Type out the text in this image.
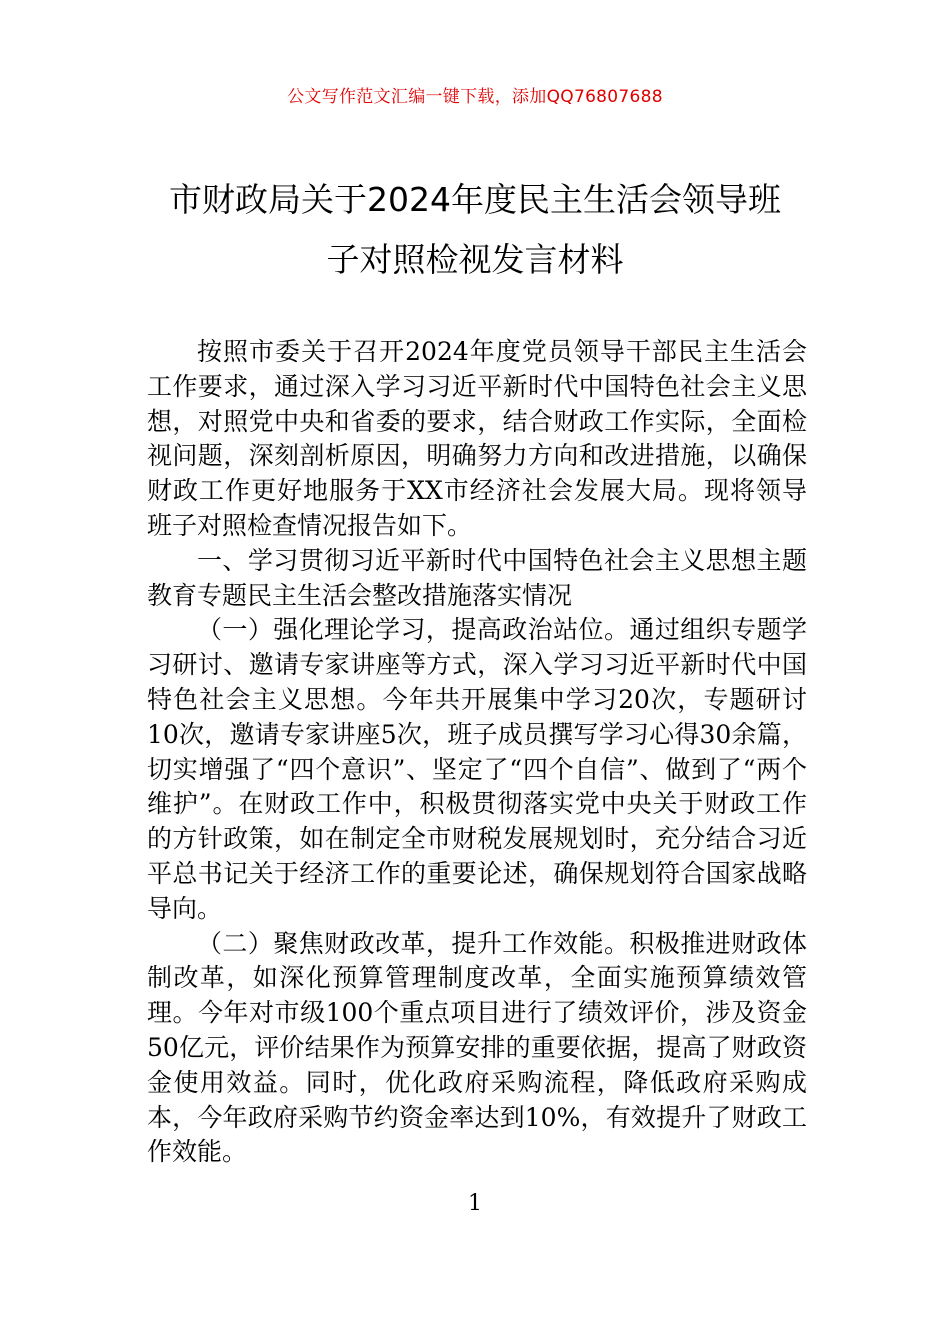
公文写作范文汇编一键下载，添加QQ76807688
市财政局关于2024年度民主生活会领导班
子对照检视发言材料

按照市委关于召开2024年度党员领导干部民主生活会工作要求，通过深入学习习近平新时代中国特色社会主义思想，对照党中央和省委的要求，结合财政工作实际，全面检视问题，深刻剖析原因，明确努力方向和改进措施，以确保财政工作更好地服务于XX市经济社会发展大局。现将领导班子对照检查情况报告如下。

一、学习贯彻习近平新时代中国特色社会主义思想主题教育专题民主生活会整改措施落实情况

（一）强化理论学习，提高政治站位。通过组织专题学习研讨、邀请专家讲座等方式，深入学习习近平新时代中国特色社会主义思想。今年共开展集中学习20次，专题研讨10次，邀请专家讲座5次，班子成员撰写学习心得30余篇，切实增强了“四个意识”、坚定了“四个自信”、做到了“两个维护”。在财政工作中，积极贯彻落实党中央关于财政工作的方针政策，如在制定全市财税发展规划时，充分结合习近平总书记关于经济工作的重要论述，确保规划符合国家战略导向。

（二）聚焦财政改革，提升工作效能。积极推进财政体制改革，如深化预算管理制度改革，全面实施预算绩效管理。今年对市级100个重点项目进行了绩效评价，涉及资金50亿元，评价结果作为预算安排的重要依据，提高了财政资金使用效益。同时，优化政府采购流程，降低政府采购成本，今年政府采购节约资金率达到10%，有效提升了财政工作效能。

1
